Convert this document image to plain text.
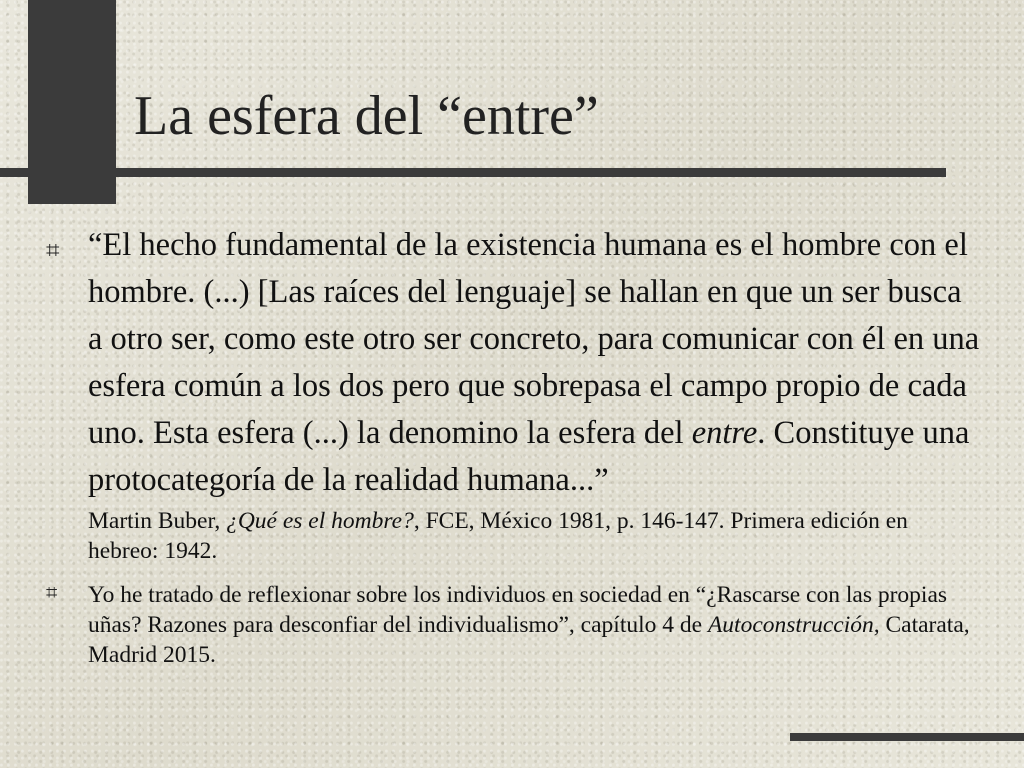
La esfera del “entre”
⌗ “El hecho fundamental de la existencia humana es el hombre con el hombre. (...) [Las raíces del lenguaje] se hallan en que un ser busca a otro ser, como este otro ser concreto, para comunicar con él en una esfera común a los dos pero que sobrepasa el campo propio de cada uno. Esta esfera (...) la denomino la esfera del entre. Constituye una protocategoría de la realidad humana...”
Martin Buber, ¿Qué es el hombre?, FCE, México 1981, p. 146-147. Primera edición en hebreo: 1942.
⌗ Yo he tratado de reflexionar sobre los individuos en sociedad en “¿Rascarse con las propias uñas? Razones para desconfiar del individualismo”, capítulo 4 de Autoconstrucción, Catarata, Madrid 2015.
